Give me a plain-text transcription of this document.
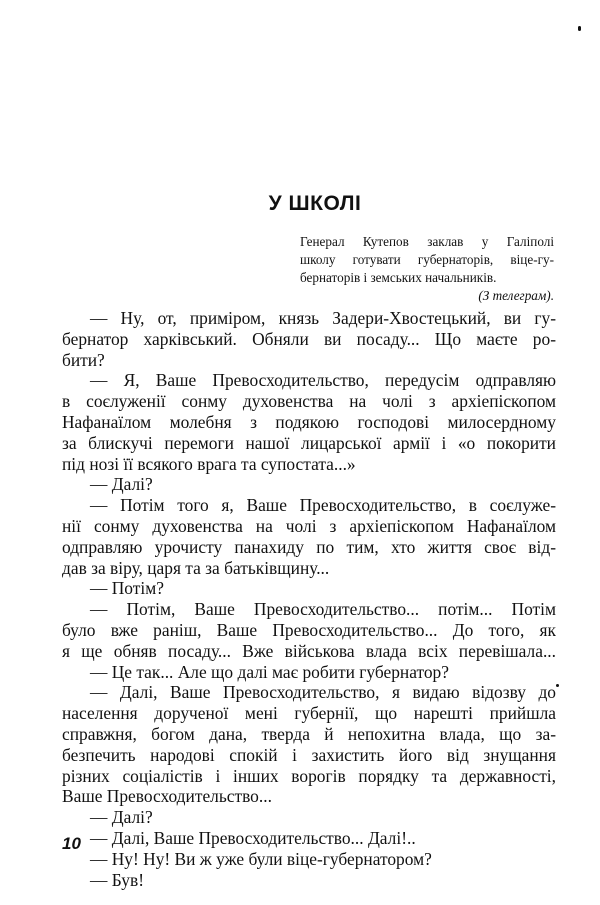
У ШКОЛІ
Генерал Кутепов заклав у Галіполі
школу готувати губернаторів, віце-гу-
бернаторів і земських начальників.
(З телеграм).
— Ну, от, приміром, князь Задери-Хвостецький, ви гу-
бернатор харківський. Обняли ви посаду... Що маєте ро-
бити?
— Я, Ваше Превосходительство, передусім одправляю
в соєлуженії сонму духовенства на чолі з архіепіскопом
Нафанаїлом молебня з подякою господові милосердному
за блискучі перемоги нашої лицарської армії і «о покорити
під нозі її всякого врага та супостата...»
— Далі?
— Потім того я, Ваше Превосходительство, в соєлуже-
нії сонму духовенства на чолі з архіепіскопом Нафанаїлом
одправляю урочисту панахиду по тим, хто життя своє від-
дав за віру, царя та за батьківщину...
— Потім?
— Потім, Ваше Превосходительство... потім... Потім
було вже раніш, Ваше Превосходительство... До того, як
я ще обняв посаду... Вже військова влада всіх перевішала...
— Це так... Але що далі має робити губернатор?
— Далі, Ваше Превосходительство, я видаю відозву до
населення дорученої мені губернії, що нарешті прийшла
справжня, богом дана, тверда й непохитна влада, що за-
безпечить народові спокій і захистить його від знущання
різних соціалістів і інших ворогів порядку та державності,
Ваше Превосходительство...
— Далі?
— Далі, Ваше Превосходительство... Далі!..
— Ну! Ну! Ви ж уже були віце-губернатором?
— Був!
10
